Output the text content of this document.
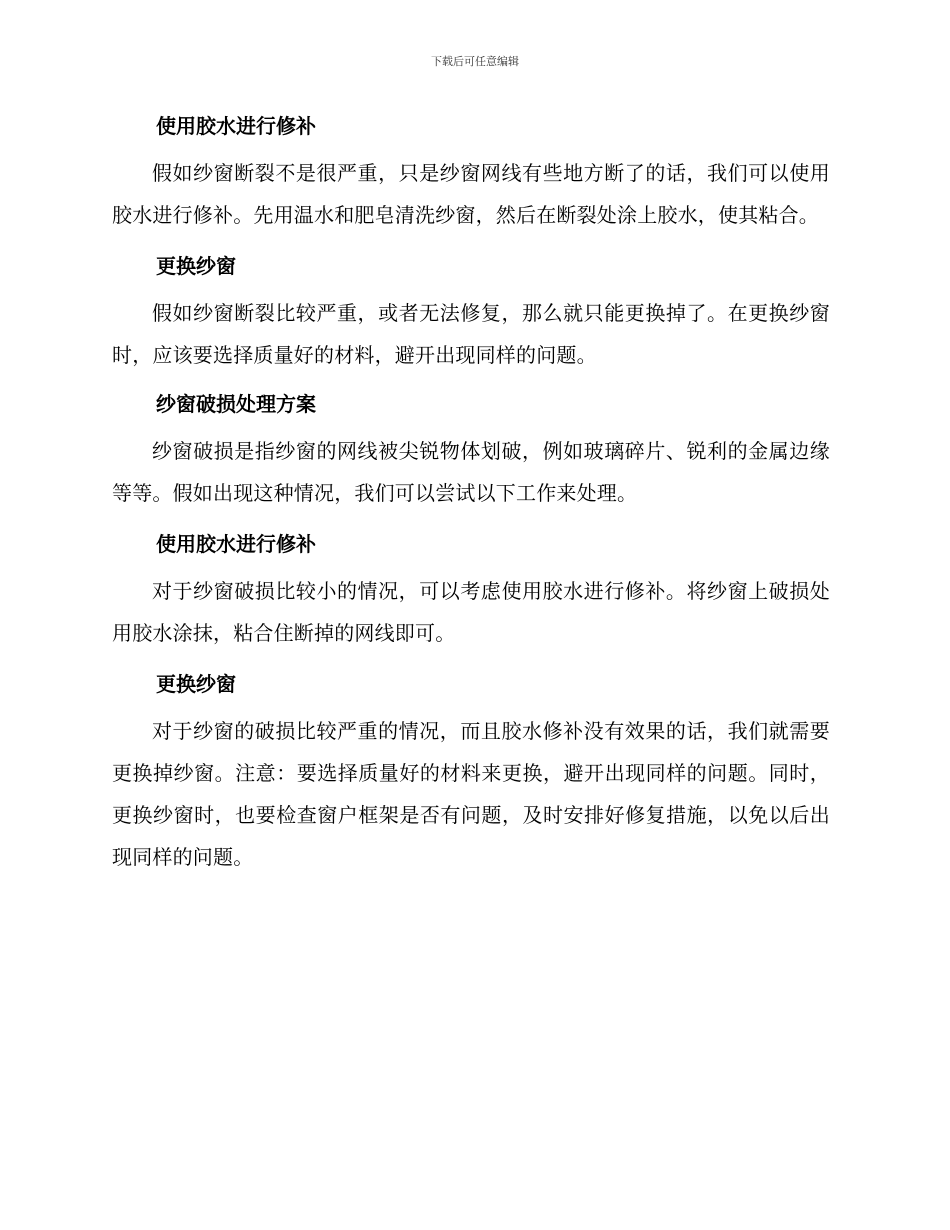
下载后可任意编辑
使用胶水进行修补
假如纱窗断裂不是很严重，只是纱窗网线有些地方断了的话，我们可以使用胶水进行修补。先用温水和肥皂清洗纱窗，然后在断裂处涂上胶水，使其粘合。
更换纱窗
假如纱窗断裂比较严重，或者无法修复，那么就只能更换掉了。在更换纱窗时，应该要选择质量好的材料，避开出现同样的问题。
纱窗破损处理方案
纱窗破损是指纱窗的网线被尖锐物体划破，例如玻璃碎片、锐利的金属边缘等等。假如出现这种情况，我们可以尝试以下工作来处理。
使用胶水进行修补
对于纱窗破损比较小的情况，可以考虑使用胶水进行修补。将纱窗上破损处用胶水涂抹，粘合住断掉的网线即可。
更换纱窗
对于纱窗的破损比较严重的情况，而且胶水修补没有效果的话，我们就需要更换掉纱窗。注意：要选择质量好的材料来更换，避开出现同样的问题。同时，更换纱窗时，也要检查窗户框架是否有问题，及时安排好修复措施，以免以后出现同样的问题。
